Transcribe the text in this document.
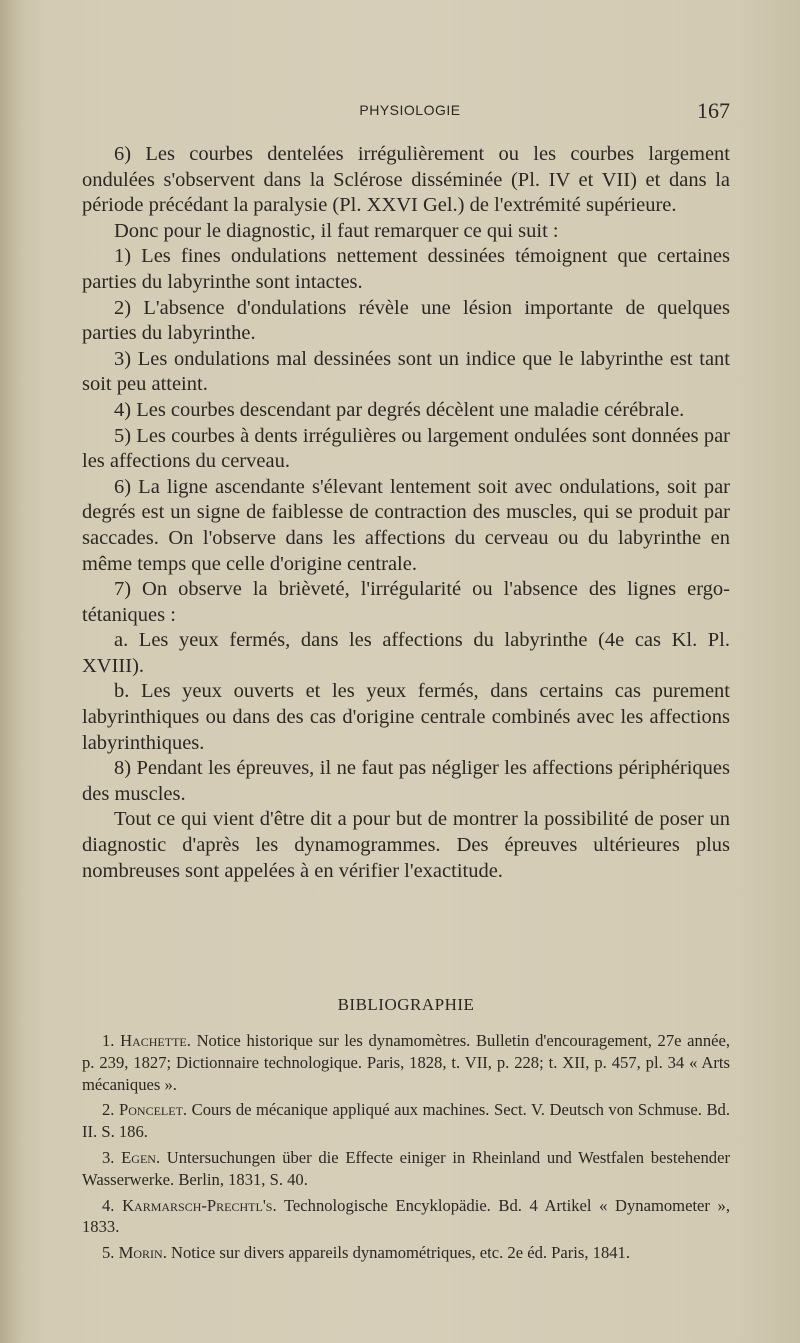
PHYSIOLOGIE	167

6) Les courbes dentelées irrégulièrement ou les courbes largement ondulées s'observent dans la Sclérose disséminée (Pl. IV et VII) et dans la période précédant la paralysie (Pl. XXVI Gel.) de l'extrémité supérieure.

Donc pour le diagnostic, il faut remarquer ce qui suit :

1) Les fines ondulations nettement dessinées témoignent que certaines parties du labyrinthe sont intactes.

2) L'absence d'ondulations révèle une lésion importante de quelques parties du labyrinthe.

3) Les ondulations mal dessinées sont un indice que le labyrinthe est tant soit peu atteint.

4) Les courbes descendant par degrés décèlent une maladie cérébrale.

5) Les courbes à dents irrégulières ou largement ondulées sont données par les affections du cerveau.

6) La ligne ascendante s'élevant lentement soit avec ondulations, soit par degrés est un signe de faiblesse de contraction des muscles, qui se produit par saccades. On l'observe dans les affections du cerveau ou du labyrinthe en même temps que celle d'origine centrale.

7) On observe la brièveté, l'irrégularité ou l'absence des lignes ergo-tétaniques :

a. Les yeux fermés, dans les affections du labyrinthe (4e cas Kl. Pl. XVIII).

b. Les yeux ouverts et les yeux fermés, dans certains cas purement labyrinthiques ou dans des cas d'origine centrale combinés avec les affections labyrinthiques.

8) Pendant les épreuves, il ne faut pas négliger les affections périphériques des muscles.

Tout ce qui vient d'être dit a pour but de montrer la possibilité de poser un diagnostic d'après les dynamogrammes. Des épreuves ultérieures plus nombreuses sont appelées à en vérifier l'exactitude.

BIBLIOGRAPHIE
1. Hachette. Notice historique sur les dynamomètres. Bulletin d'encouragement, 27e année, p. 239, 1827; Dictionnaire technologique. Paris, 1828, t. VII, p. 228; t. XII, p. 457, pl. 34 « Arts mécaniques ».
2. Poncelet. Cours de mécanique appliqué aux machines. Sect. V. Deutsch von Schmuse. Bd. II. S. 186.
3. Egen. Untersuchungen über die Effecte einiger in Rheinland und Westfalen bestehender Wasserwerke. Berlin, 1831, S. 40.
4. Karmarsch-Prechtl's. Technologische Encyklopädie. Bd. 4 Artikel « Dynamometer », 1833.
5. Morin. Notice sur divers appareils dynamométriques, etc. 2e éd. Paris, 1841.
